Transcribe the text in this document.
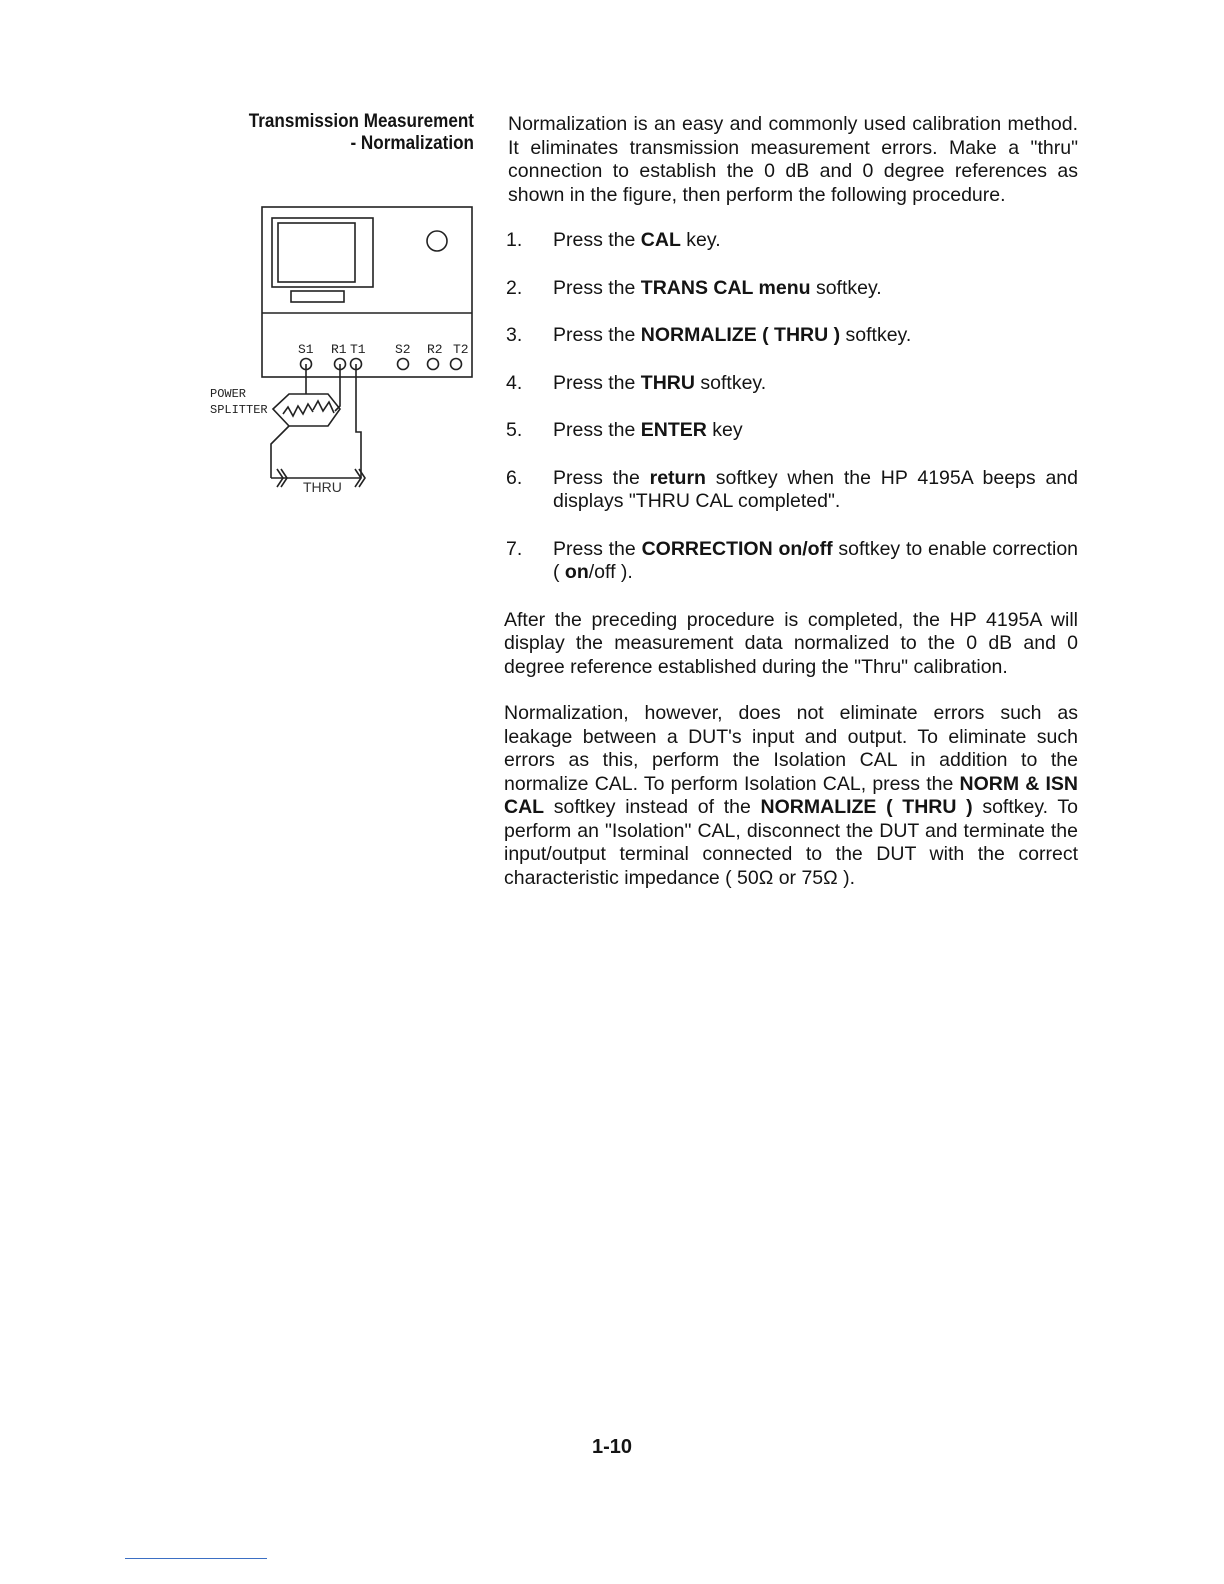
Transmission Measurement
- Normalization
S1 R1 T1 S2 R2 T2
POWER
SPLITTER
THRU

Normalization is an easy and commonly used calibration method. It eliminates transmission measurement errors. Make a "thru" connection to establish the 0 dB and 0 degree references as shown in the figure, then perform the following procedure.

1. Press the CAL key.
2. Press the TRANS CAL menu softkey.
3. Press the NORMALIZE ( THRU ) softkey.
4. Press the THRU softkey.
5. Press the ENTER key
6. Press the return softkey when the HP 4195A beeps and displays "THRU CAL completed".
7. Press the CORRECTION on/off softkey to enable correction ( on/off ).

After the preceding procedure is completed, the HP 4195A will display the measurement data normalized to the 0 dB and 0 degree reference established during the "Thru" calibration.

Normalization, however, does not eliminate errors such as leakage between a DUT's input and output. To eliminate such errors as this, perform the Isolation CAL in addition to the normalize CAL. To perform Isolation CAL, press the NORM & ISN CAL softkey instead of the NORMALIZE ( THRU ) softkey. To perform an "Isolation" CAL, disconnect the DUT and terminate the input/output terminal connected to the DUT with the correct characteristic impedance ( 50Ω or 75Ω ).

1-10
